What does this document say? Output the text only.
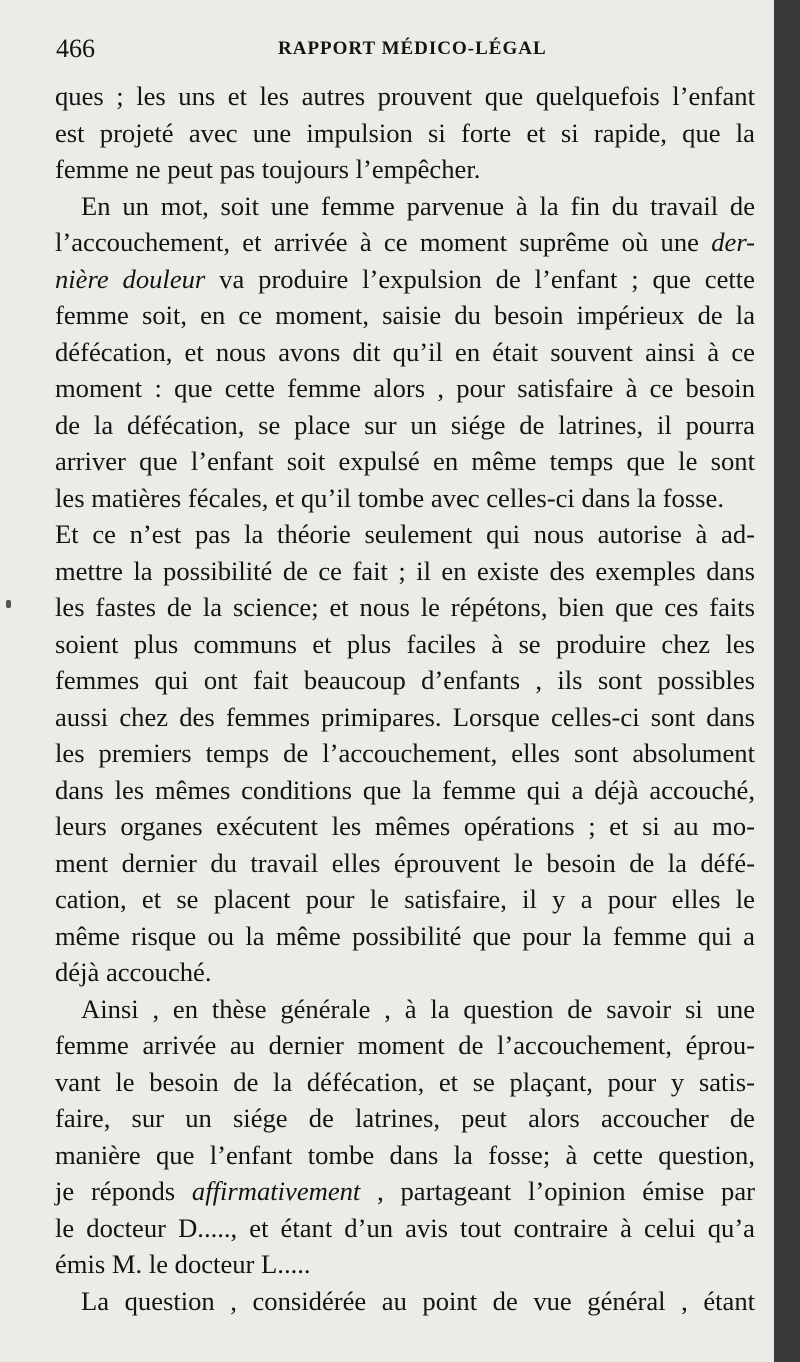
466	RAPPORT MÉDICO-LÉGAL
ques ; les uns et les autres prouvent que quelquefois l’enfant
est projeté avec une impulsion si forte et si rapide, que la
femme ne peut pas toujours l’empêcher.
En un mot, soit une femme parvenue à la fin du travail de
l’accouchement, et arrivée à ce moment suprême où une der-
nière douleur va produire l’expulsion de l’enfant ; que cette
femme soit, en ce moment, saisie du besoin impérieux de la
défécation, et nous avons dit qu’il en était souvent ainsi à ce
moment : que cette femme alors , pour satisfaire à ce besoin
de la défécation, se place sur un siége de latrines, il pourra
arriver que l’enfant soit expulsé en même temps que le sont
les matières fécales, et qu’il tombe avec celles-ci dans la fosse.
Et ce n’est pas la théorie seulement qui nous autorise à ad-
mettre la possibilité de ce fait ; il en existe des exemples dans
les fastes de la science; et nous le répétons, bien que ces faits
soient plus communs et plus faciles à se produire chez les
femmes qui ont fait beaucoup d’enfants , ils sont possibles
aussi chez des femmes primipares. Lorsque celles-ci sont dans
les premiers temps de l’accouchement, elles sont absolument
dans les mêmes conditions que la femme qui a déjà accouché,
leurs organes exécutent les mêmes opérations ; et si au mo-
ment dernier du travail elles éprouvent le besoin de la défé-
cation, et se placent pour le satisfaire, il y a pour elles le
même risque ou la même possibilité que pour la femme qui a
déjà accouché.
Ainsi , en thèse générale , à la question de savoir si une
femme arrivée au dernier moment de l’accouchement, éprou-
vant le besoin de la défécation, et se plaçant, pour y satis-
faire, sur un siége de latrines, peut alors accoucher de
manière que l’enfant tombe dans la fosse; à cette question,
je réponds affirmativement , partageant l’opinion émise par
le docteur D....., et étant d’un avis tout contraire à celui qu’a
émis M. le docteur L.....
La question , considérée au point de vue général , étant
